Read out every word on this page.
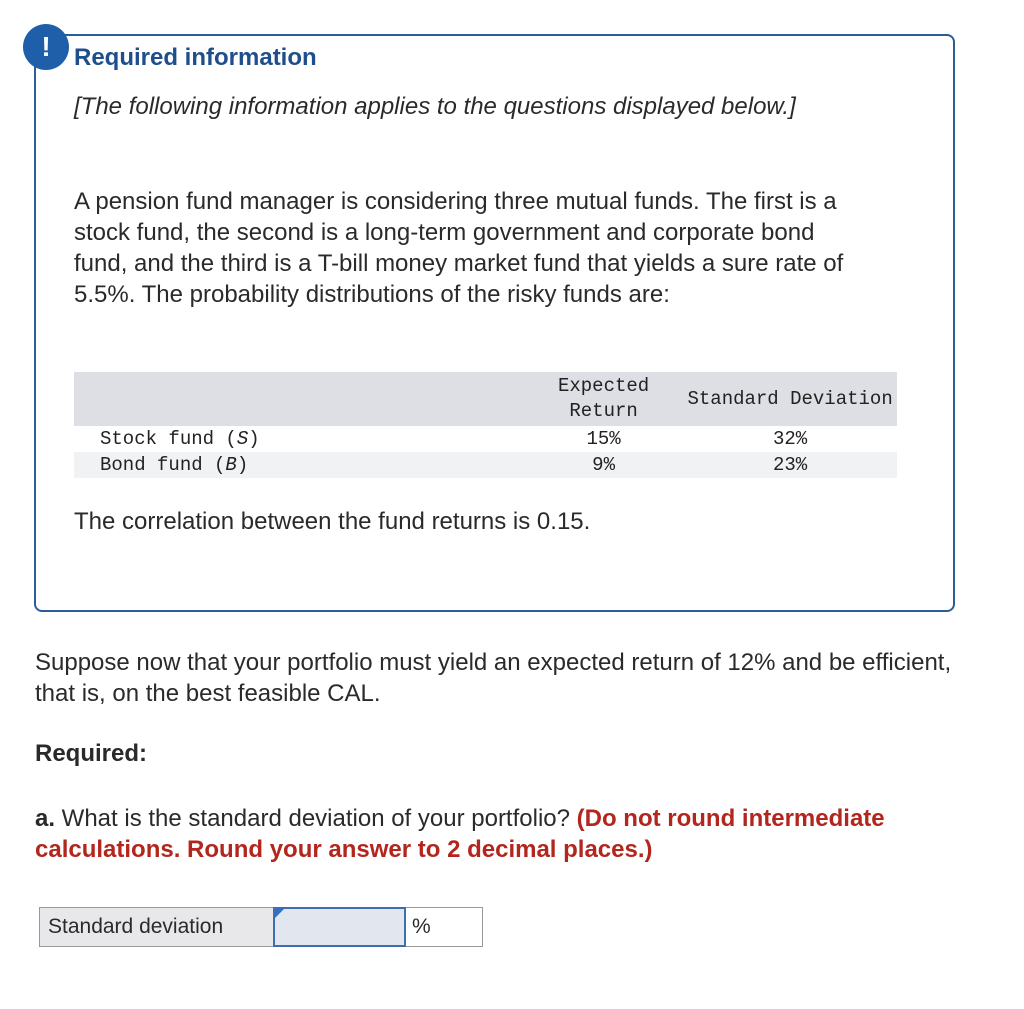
! Required information

[The following information applies to the questions displayed below.]

A pension fund manager is considering three mutual funds. The first is a stock fund, the second is a long-term government and corporate bond fund, and the third is a T-bill money market fund that yields a sure rate of 5.5%. The probability distributions of the risky funds are:

	Expected Return	Standard Deviation
Stock fund (S)	15%	32%
Bond fund (B)	9%	23%

The correlation between the fund returns is 0.15.

Suppose now that your portfolio must yield an expected return of 12% and be efficient, that is, on the best feasible CAL.

Required:

a. What is the standard deviation of your portfolio? (Do not round intermediate calculations. Round your answer to 2 decimal places.)

Standard deviation	%
